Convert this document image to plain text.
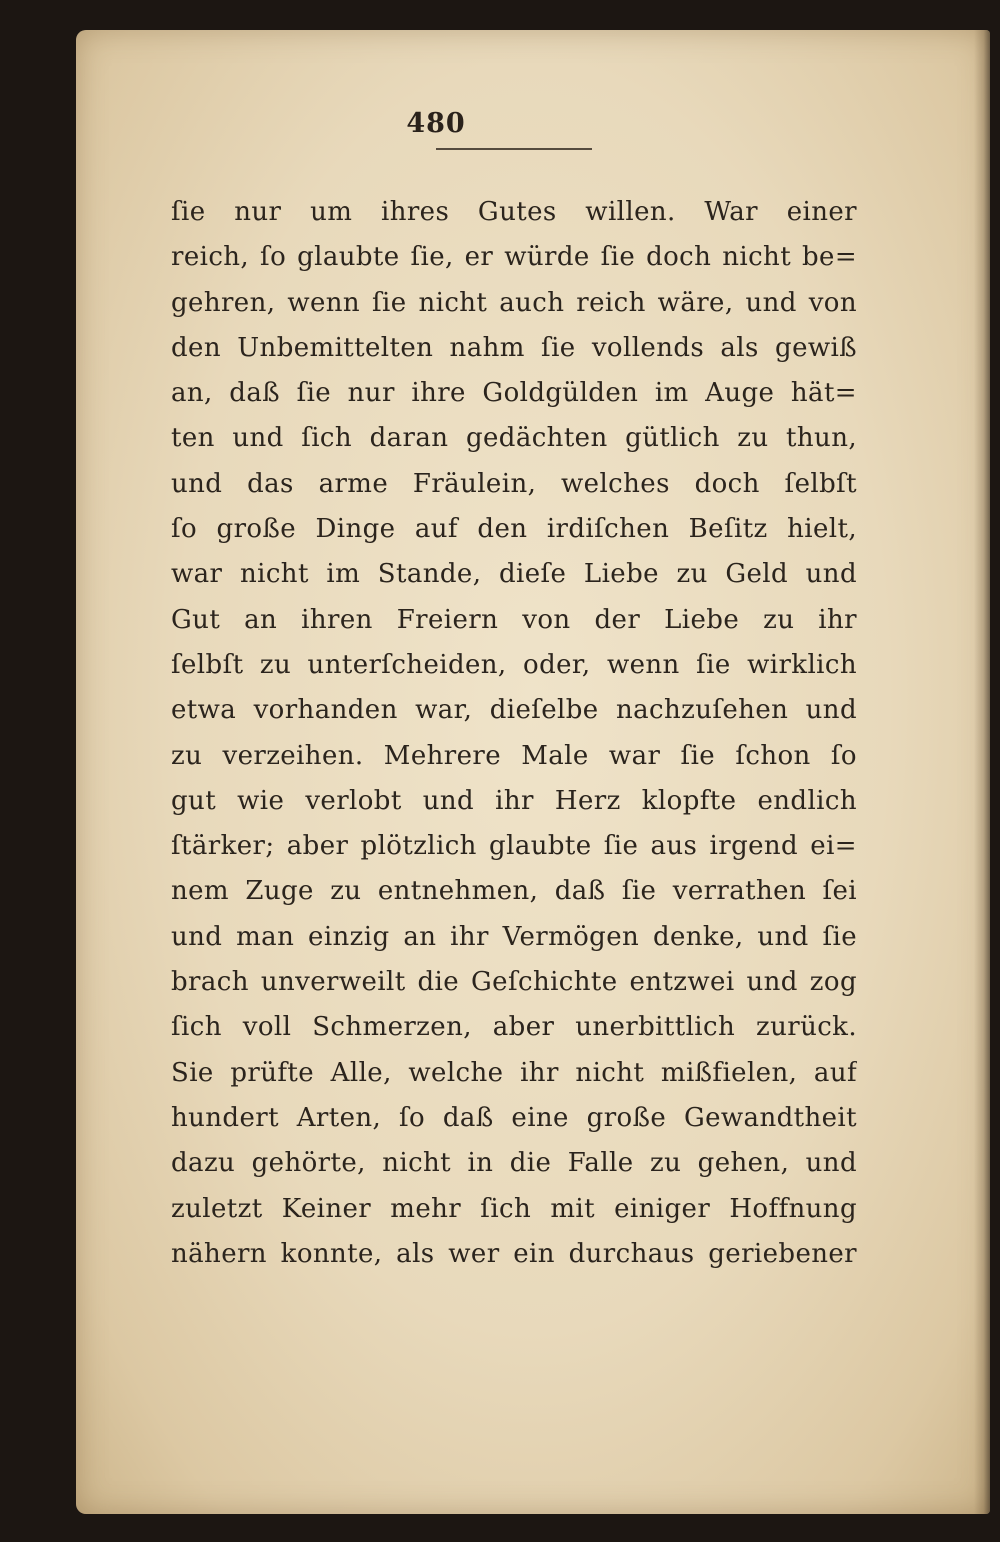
480
ſie nur um ihres Gutes willen. War einer
reich, ſo glaubte ſie, er würde ſie doch nicht be=
gehren, wenn ſie nicht auch reich wäre, und von
den Unbemittelten nahm ſie vollends als gewiß
an, daß ſie nur ihre Goldgülden im Auge hät=
ten und ſich daran gedächten gütlich zu thun,
und das arme Fräulein, welches doch ſelbſt
ſo große Dinge auf den irdiſchen Beſitz hielt,
war nicht im Stande, dieſe Liebe zu Geld und
Gut an ihren Freiern von der Liebe zu ihr
ſelbſt zu unterſcheiden, oder, wenn ſie wirklich
etwa vorhanden war, dieſelbe nachzuſehen und
zu verzeihen. Mehrere Male war ſie ſchon ſo
gut wie verlobt und ihr Herz klopfte endlich
ſtärker; aber plötzlich glaubte ſie aus irgend ei=
nem Zuge zu entnehmen, daß ſie verrathen ſei
und man einzig an ihr Vermögen denke, und ſie
brach unverweilt die Geſchichte entzwei und zog
ſich voll Schmerzen, aber unerbittlich zurück.
Sie prüfte Alle, welche ihr nicht mißfielen, auf
hundert Arten, ſo daß eine große Gewandtheit
dazu gehörte, nicht in die Falle zu gehen, und
zuletzt Keiner mehr ſich mit einiger Hoffnung
nähern konnte, als wer ein durchaus geriebener
